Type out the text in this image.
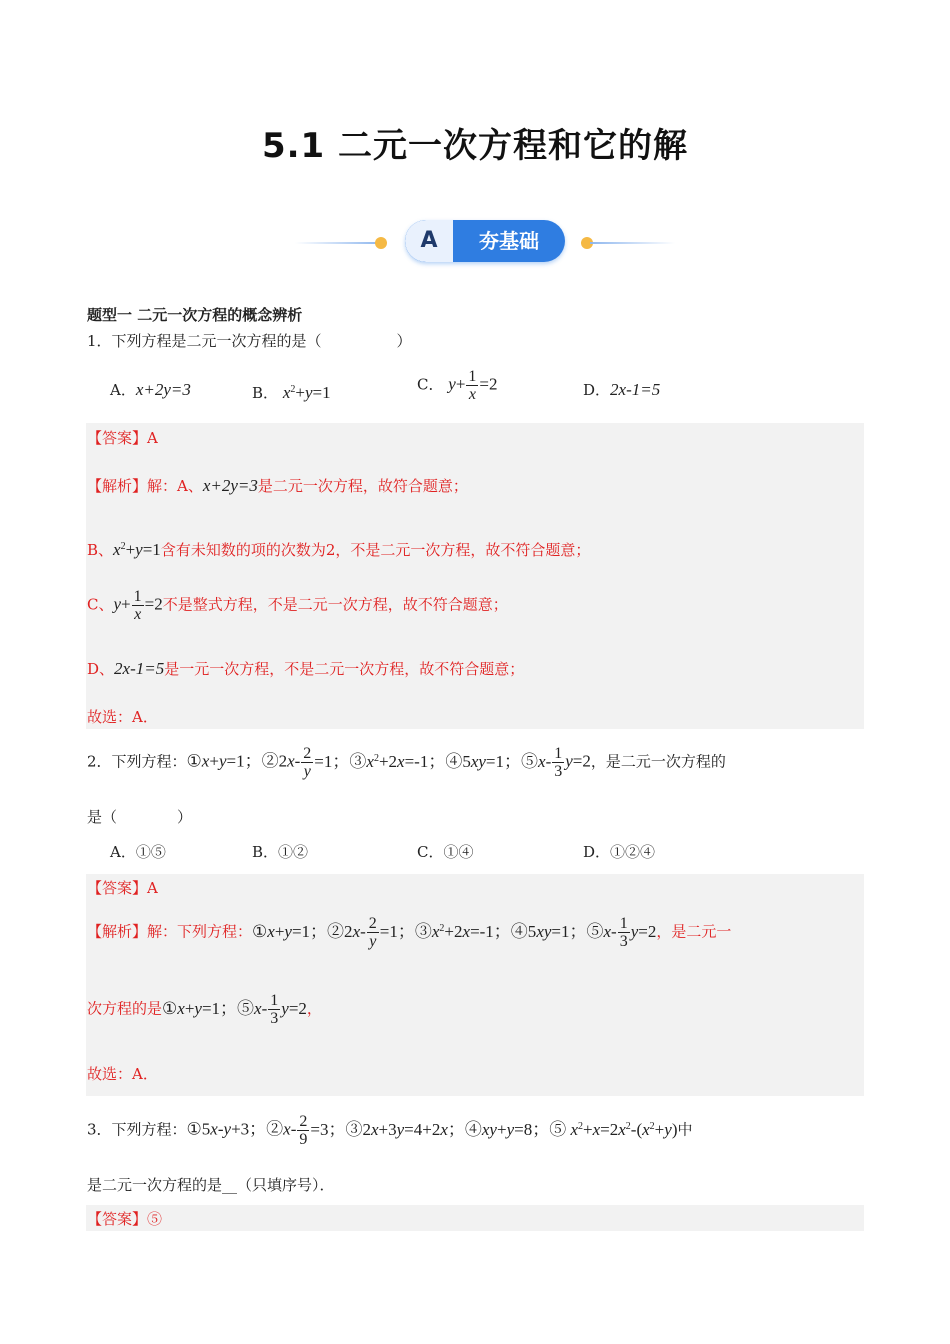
5.1 二元一次方程和它的解
A	夯基础
题型一 二元一次方程的概念辨析
1．下列方程是二元一次方程的是（　　　　　）
A．x+2y=3	B． $x^2+y=1$	C． $y+ \frac{1}{x} =2$	D．2x-1=5
【答案】A
【解析】解：A、x+2y=3是二元一次方程，故符合题意；
B、$x^2+y=1$含有未知数的项的次数为2，不是二元一次方程，故不符合题意；
C、$y+ \frac{1}{x} =2$不是整式方程，不是二元一次方程，故不符合题意；
D、2x-1=5是一元一次方程，不是二元一次方程，故不符合题意；
故选：A．
2．下列方程：①x+y=1；②2x- $\frac{2}{y} =1$；$③x^2+2x=-1$；④5xy=1；⑤x- $\frac{1}{3} y=2$，是二元一次方程的
是（　　　　）
A．①⑤	B．①②	C．①④	D．①②④
【答案】A
【解析】解：下列方程：①x+y=1；②2x- $\frac{2}{y} =1$；$③x^2+2x=-1$；④5xy=1；⑤x- $\frac{1}{3} y=2$，是二元一
次方程的是①x+y=1；⑤x- $\frac{1}{3} y=2$，
故选：A．
3．下列方程：①5x-y+3；②x- $\frac{2}{9} =3$；③2x+3y=4+2x；④xy+y=8；⑤ $x^2+x=2x^2-(x^2+y)$中
是二元一次方程的是__（只填序号）．
【答案】⑤
